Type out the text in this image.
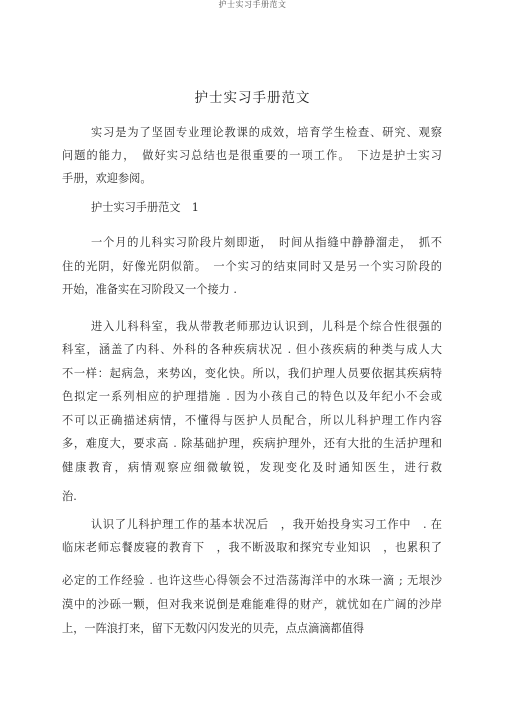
护士实习手册范文
护士实习手册范文
实习是为了坚固专业理论教课的成效，培育学生检查、研究、观察
问题的能力，　做好实习总结也是很重要的一项工作。　下边是护士实习
手册，欢迎参阅。
护士实习手册范文　1
一个月的儿科实习阶段片刻即逝，　时间从指缝中静静溜走，　抓不
住的光阴，好像光阴似箭。　一个实习的结束同时又是另一个实习阶段的
开始，准备实在习阶段又一个接力 .
进入儿科科室，我从带教老师那边认识到，儿科是个综合性很强的
科室，涵盖了内科、外科的各种疾病状况 . 但小孩疾病的种类与成人大
不一样：起病急，来势凶，变化快。所以，我们护理人员要依据其疾病特
色拟定一系列相应的护理措施 . 因为小孩自己的特色以及年纪小不会或
不可以正确描述病情，不懂得与医护人员配合，所以儿科护理工作内容
多，难度大，要求高 . 除基础护理，疾病护理外，还有大批的生活护理和
健康教育，病情观察应细微敏锐，发现变化及时通知医生，进行救
治.
认识了儿科护理工作的基本状况后　，我开始投身实习工作中　. 在
临床老师忘餐废寝的教育下　，我不断汲取和探究专业知识　，也累积了
必定的工作经验 . 也许这些心得领会不过浩荡海洋中的水珠一滴 ; 无垠沙
漠中的沙砾一颗，但对我来说倒是难能难得的财产，就忧如在广阔的沙岸
上，一阵浪打来，留下无数闪闪发光的贝壳，点点滴滴都值得
